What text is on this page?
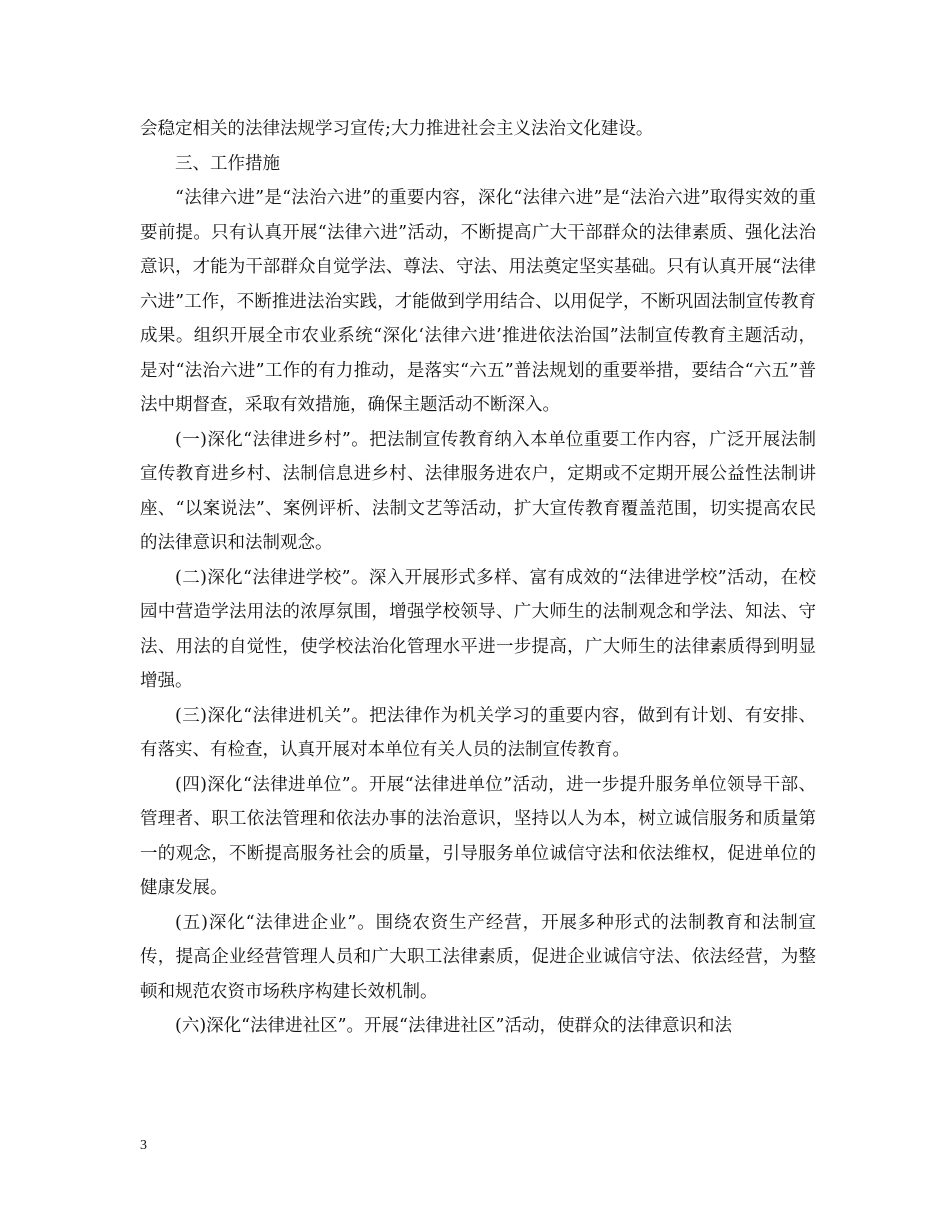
会稳定相关的法律法规学习宣传;大力推进社会主义法治文化建设。

三、工作措施

“法律六进”是“法治六进”的重要内容，深化“法律六进”是“法治六进”取得实效的重要前提。只有认真开展“法律六进”活动，不断提高广大干部群众的法律素质、强化法治意识，才能为干部群众自觉学法、尊法、守法、用法奠定坚实基础。只有认真开展“法律六进”工作，不断推进法治实践，才能做到学用结合、以用促学，不断巩固法制宣传教育成果。组织开展全市农业系统“深化‘法律六进’推进依法治国”法制宣传教育主题活动，是对“法治六进”工作的有力推动，是落实“六五”普法规划的重要举措，要结合“六五”普法中期督查，采取有效措施，确保主题活动不断深入。

(一)深化“法律进乡村”。把法制宣传教育纳入本单位重要工作内容，广泛开展法制宣传教育进乡村、法制信息进乡村、法律服务进农户，定期或不定期开展公益性法制讲座、“以案说法”、案例评析、法制文艺等活动，扩大宣传教育覆盖范围，切实提高农民的法律意识和法制观念。

(二)深化“法律进学校”。深入开展形式多样、富有成效的“法律进学校”活动，在校园中营造学法用法的浓厚氛围，增强学校领导、广大师生的法制观念和学法、知法、守法、用法的自觉性，使学校法治化管理水平进一步提高，广大师生的法律素质得到明显增强。

(三)深化“法律进机关”。把法律作为机关学习的重要内容，做到有计划、有安排、有落实、有检查，认真开展对本单位有关人员的法制宣传教育。

(四)深化“法律进单位”。开展“法律进单位”活动，进一步提升服务单位领导干部、管理者、职工依法管理和依法办事的法治意识，坚持以人为本，树立诚信服务和质量第一的观念，不断提高服务社会的质量，引导服务单位诚信守法和依法维权，促进单位的健康发展。

(五)深化“法律进企业”。围绕农资生产经营，开展多种形式的法制教育和法制宣传，提高企业经营管理人员和广大职工法律素质，促进企业诚信守法、依法经营，为整顿和规范农资市场秩序构建长效机制。

(六)深化“法律进社区”。开展“法律进社区”活动，使群众的法律意识和法

3
